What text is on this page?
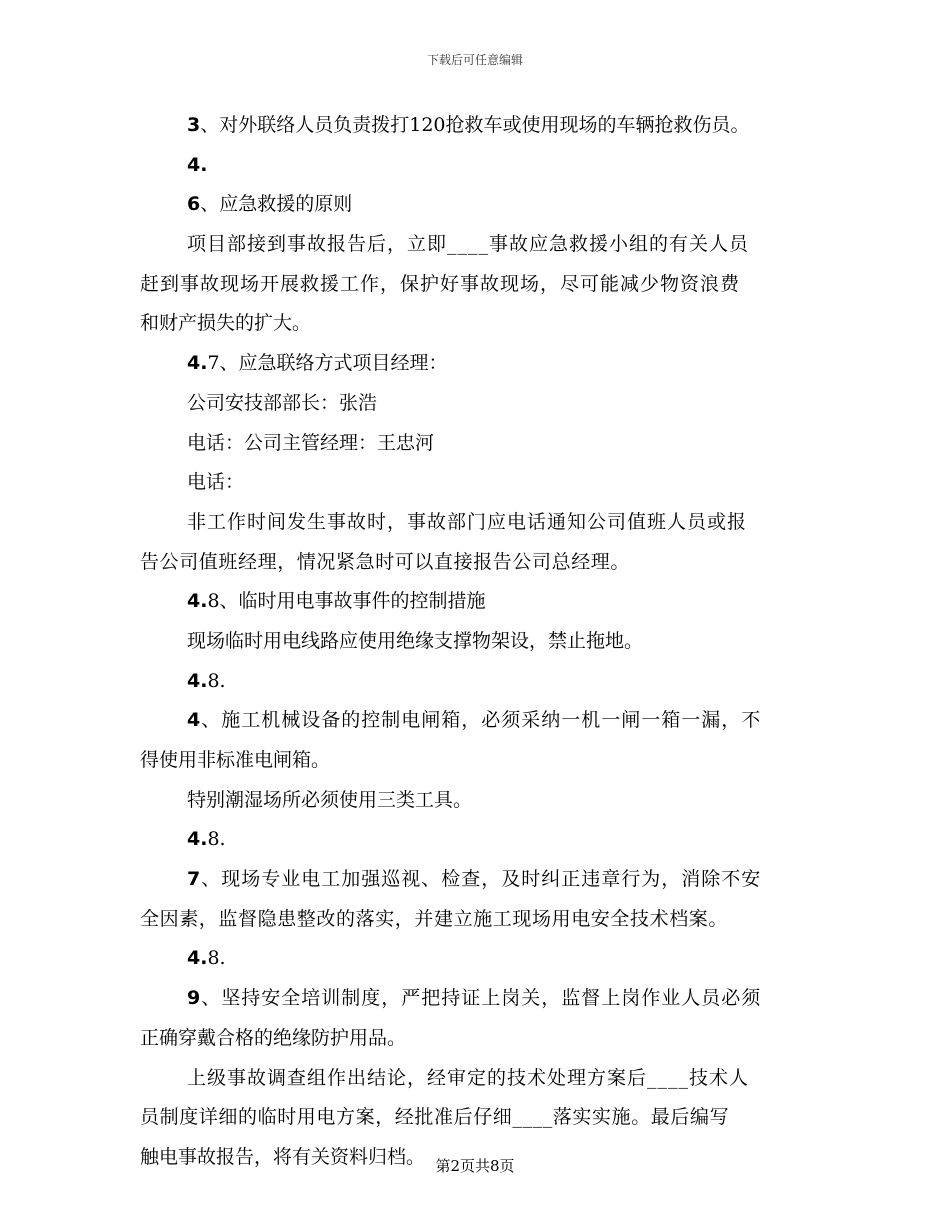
下载后可任意编辑
3、对外联络人员负责拨打120抢救车或使用现场的车辆抢救伤员。
4.
6、应急救援的原则
项目部接到事故报告后，立即____事故应急救援小组的有关人员
赶到事故现场开展救援工作，保护好事故现场，尽可能减少物资浪费
和财产损失的扩大。
4.7、应急联络方式项目经理：
公司安技部部长：张浩
电话：公司主管经理：王忠河
电话：
非工作时间发生事故时，事故部门应电话通知公司值班人员或报
告公司值班经理，情况紧急时可以直接报告公司总经理。
4.8、临时用电事故事件的控制措施
现场临时用电线路应使用绝缘支撑物架设，禁止拖地。
4.8.
4、施工机械设备的控制电闸箱，必须采纳一机一闸一箱一漏，不
得使用非标准电闸箱。
特别潮湿场所必须使用三类工具。
4.8.
7、现场专业电工加强巡视、检查，及时纠正违章行为，消除不安
全因素，监督隐患整改的落实，并建立施工现场用电安全技术档案。
4.8.
9、坚持安全培训制度，严把持证上岗关，监督上岗作业人员必须
正确穿戴合格的绝缘防护用品。
上级事故调查组作出结论，经审定的技术处理方案后____技术人
员制度详细的临时用电方案，经批准后仔细____落实实施。最后编写
触电事故报告，将有关资料归档。 第2页共8页
